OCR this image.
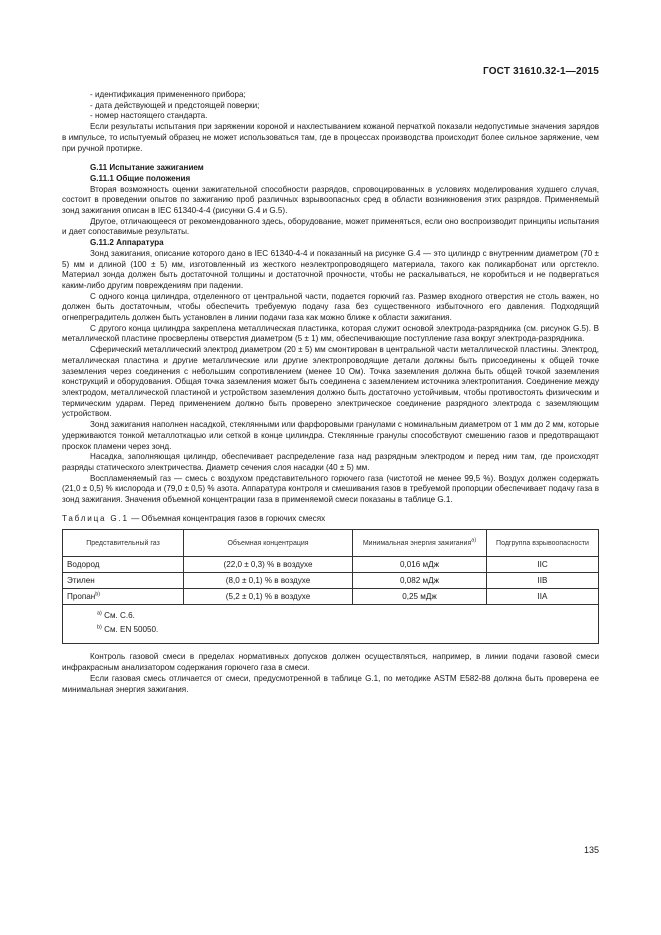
ГОСТ 31610.32-1—2015

- идентификация примененного прибора;

- дата действующей и предстоящей поверки;

- номер настоящего стандарта.

Если результаты испытания при заряжении короной и нахлестыванием кожаной перчаткой показали недопустимые значения зарядов в импульсе, то испытуемый образец не может использоваться там, где в процессах производства происходит более сильное заряжение, чем при ручной протирке.

G.11 Испытание зажиганием
G.11.1 Общие положения

Вторая возможность оценки зажигательной способности разрядов, спровоцированных в условиях моделирования худшего случая, состоит в проведении опытов по зажиганию проб различных взрывоопасных сред в области возникновения этих разрядов. Применяемый зонд зажигания описан в IEC 61340-4-4 (рисунки G.4 и G.5).

Другое, отличающееся от рекомендованного здесь, оборудование, может применяться, если оно воспроизводит принципы испытания и дает сопоставимые результаты.

G.11.2 Аппаратура

Зонд зажигания, описание которого дано в IEC 61340-4-4 и показанный на рисунке G.4 — это цилиндр с внутренним диаметром (70 ± 5) мм и длиной (100 ± 5) мм, изготовленный из жесткого неэлектропроводящего материала, такого как поликарбонат или оргстекло. Материал зонда должен быть достаточной толщины и достаточной прочности, чтобы не раскалываться, не коробиться и не подвергаться каким-либо другим повреждениям при падении.

С одного конца цилиндра, отделенного от центральной части, подается горючий газ. Размер входного отверстия не столь важен, но должен быть достаточным, чтобы обеспечить требуемую подачу газа без существенного избыточного его давления. Подходящий огнепреградитель должен быть установлен в линии подачи газа как можно ближе к области зажигания.

С другого конца цилиндра закреплена металлическая пластинка, которая служит основой электрода-разрядника (см. рисунок G.5). В металлической пластине просверлены отверстия диаметром (5 ± 1) мм, обеспечивающие поступление газа вокруг электрода-разрядника.

Сферический металлический электрод диаметром (20 ± 5) мм смонтирован в центральной части металлической пластины. Электрод, металлическая пластина и другие металлические или другие электропроводящие детали должны быть присоединены к общей точке заземления через соединения с небольшим сопротивлением (менее 10 Ом). Точка заземления должна быть общей точкой заземления конструкций и оборудования. Общая точка заземления может быть соединена с заземлением источника электропитания. Соединение между электродом, металлической пластиной и устройством заземления должно быть достаточно устойчивым, чтобы противостоять физическим и термическим ударам. Перед применением должно быть проверено электрическое соединение разрядного электрода с заземляющим устройством.

Зонд зажигания наполнен насадкой, стеклянными или фарфоровыми гранулами с номинальным диаметром от 1 мм до 2 мм, которые удерживаются тонкой металлоткацью или сеткой в конце цилиндра. Стеклянные гранулы способствуют смешению газов и предотвращают проскок пламени через зонд.

Насадка, заполняющая цилиндр, обеспечивает распределение газа над разрядным электродом и перед ним там, где происходят разряды статического электричества. Диаметр сечения слоя насадки (40 ± 5) мм.

Воспламеняемый газ — смесь с воздухом представительного горючего газа (чистотой не менее 99,5 %). Воздух должен содержать (21,0 ± 0,5) % кислорода и (79,0 ± 0,5) % азота. Аппаратура контроля и смешивания газов в требуемой пропорции обеспечивает подачу газа в зонд зажигания. Значения объемной концентрации газа в применяемой смеси показаны в таблице G.1.

Таблица G.1 — Объемная концентрация газов в горючих смесях
Представительный газ	Объемная концентрация	Минимальная энергия зажигания$^{a)}$	Подгруппа взрывоопасности
Водород	(22,0 ± 0,3) % в воздухе	0,016 мДж	IIC
Этилен	(8,0 ± 0,1) % в воздухе	0,082 мДж	IIB
Пропан$^{b)}$	(5,2 ± 0,1) % в воздухе	0,25 мДж	IIA

$^{a)}$ См. С.6.
$^{b)}$ См. EN 50050.			

Контроль газовой смеси в пределах нормативных допусков должен осуществляться, например, в линии подачи газовой смеси инфракрасным анализатором содержания горючего газа в смеси.

Если газовая смесь отличается от смеси, предусмотренной в таблице G.1, по методике ASTM E582-88 должна быть проверена ее минимальная энергия зажигания.

135
